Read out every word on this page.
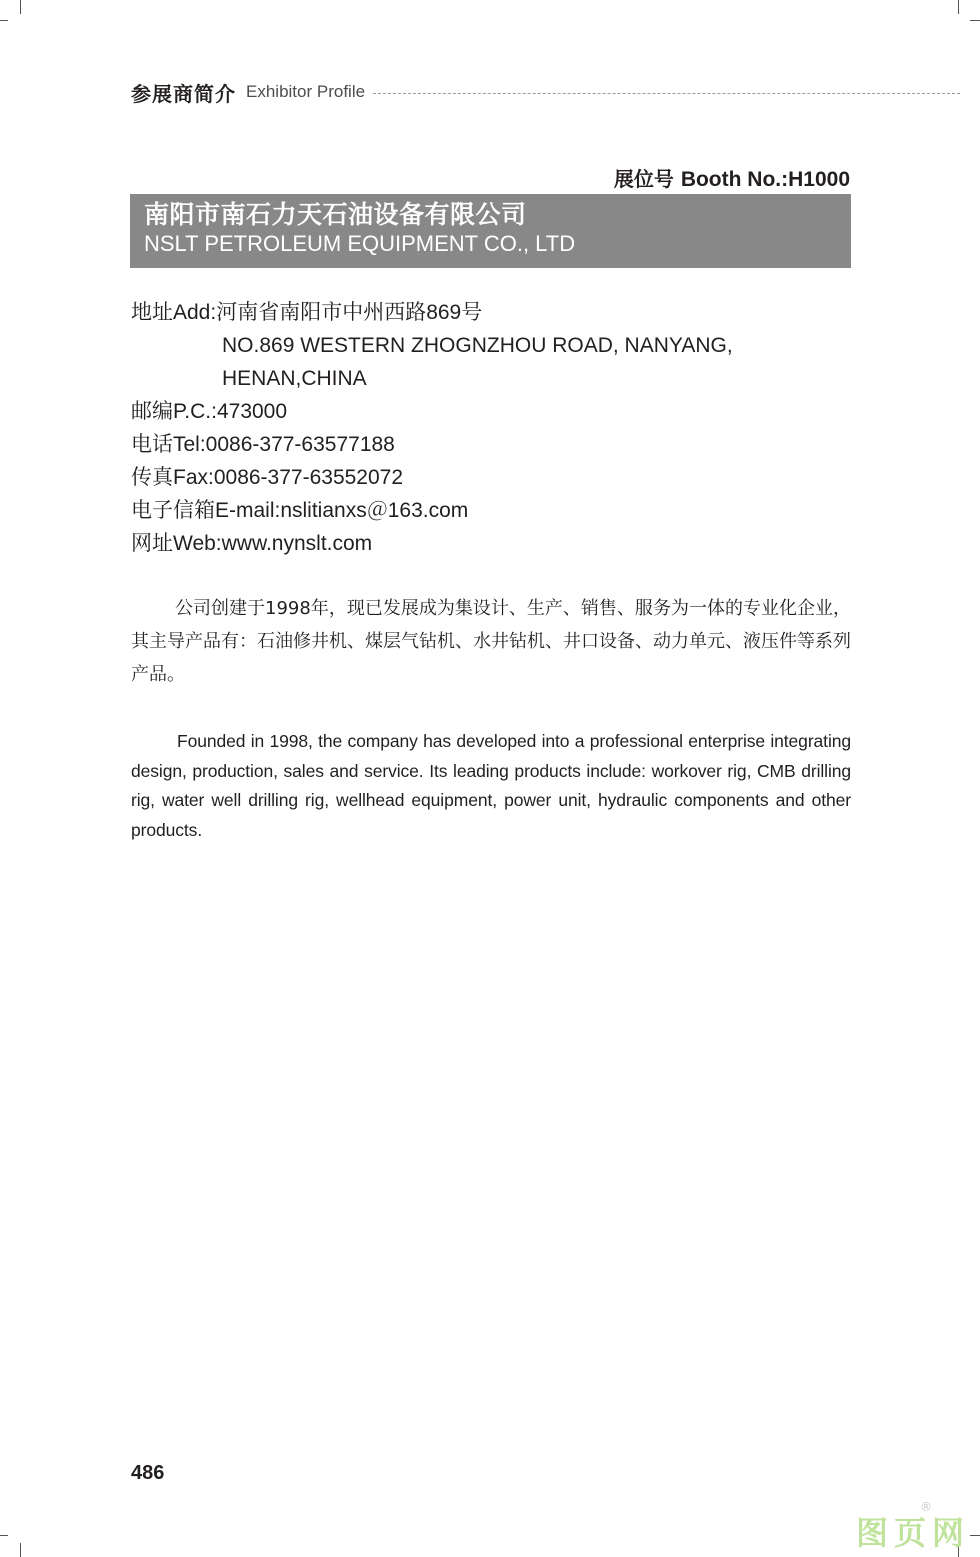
参展商简介 Exhibitor Profile
展位号 Booth No.:H1000
南阳市南石力天石油设备有限公司
NSLT PETROLEUM EQUIPMENT CO., LTD
地址Add:河南省南阳市中州西路869号
NO.869 WESTERN ZHOGNZHOU ROAD, NANYANG,
HENAN,CHINA
邮编P.C.:473000
电话Tel:0086-377-63577188
传真Fax:0086-377-63552072
电子信箱E-mail:nslitianxs＠163.com
网址Web:www.nynslt.com

公司创建于1998年，现已发展成为集设计、生产、销售、服务为一体的专业化企业，其主导产品有：石油修井机、煤层气钻机、水井钻机、井口设备、动力单元、液压件等系列产品。

Founded in 1998, the company has developed into a professional enterprise integrating design, production, sales and service. Its leading products include: workover rig, CMB drilling rig, water well drilling rig, wellhead equipment, power unit, hydraulic components and other products.

486
图页网
®
